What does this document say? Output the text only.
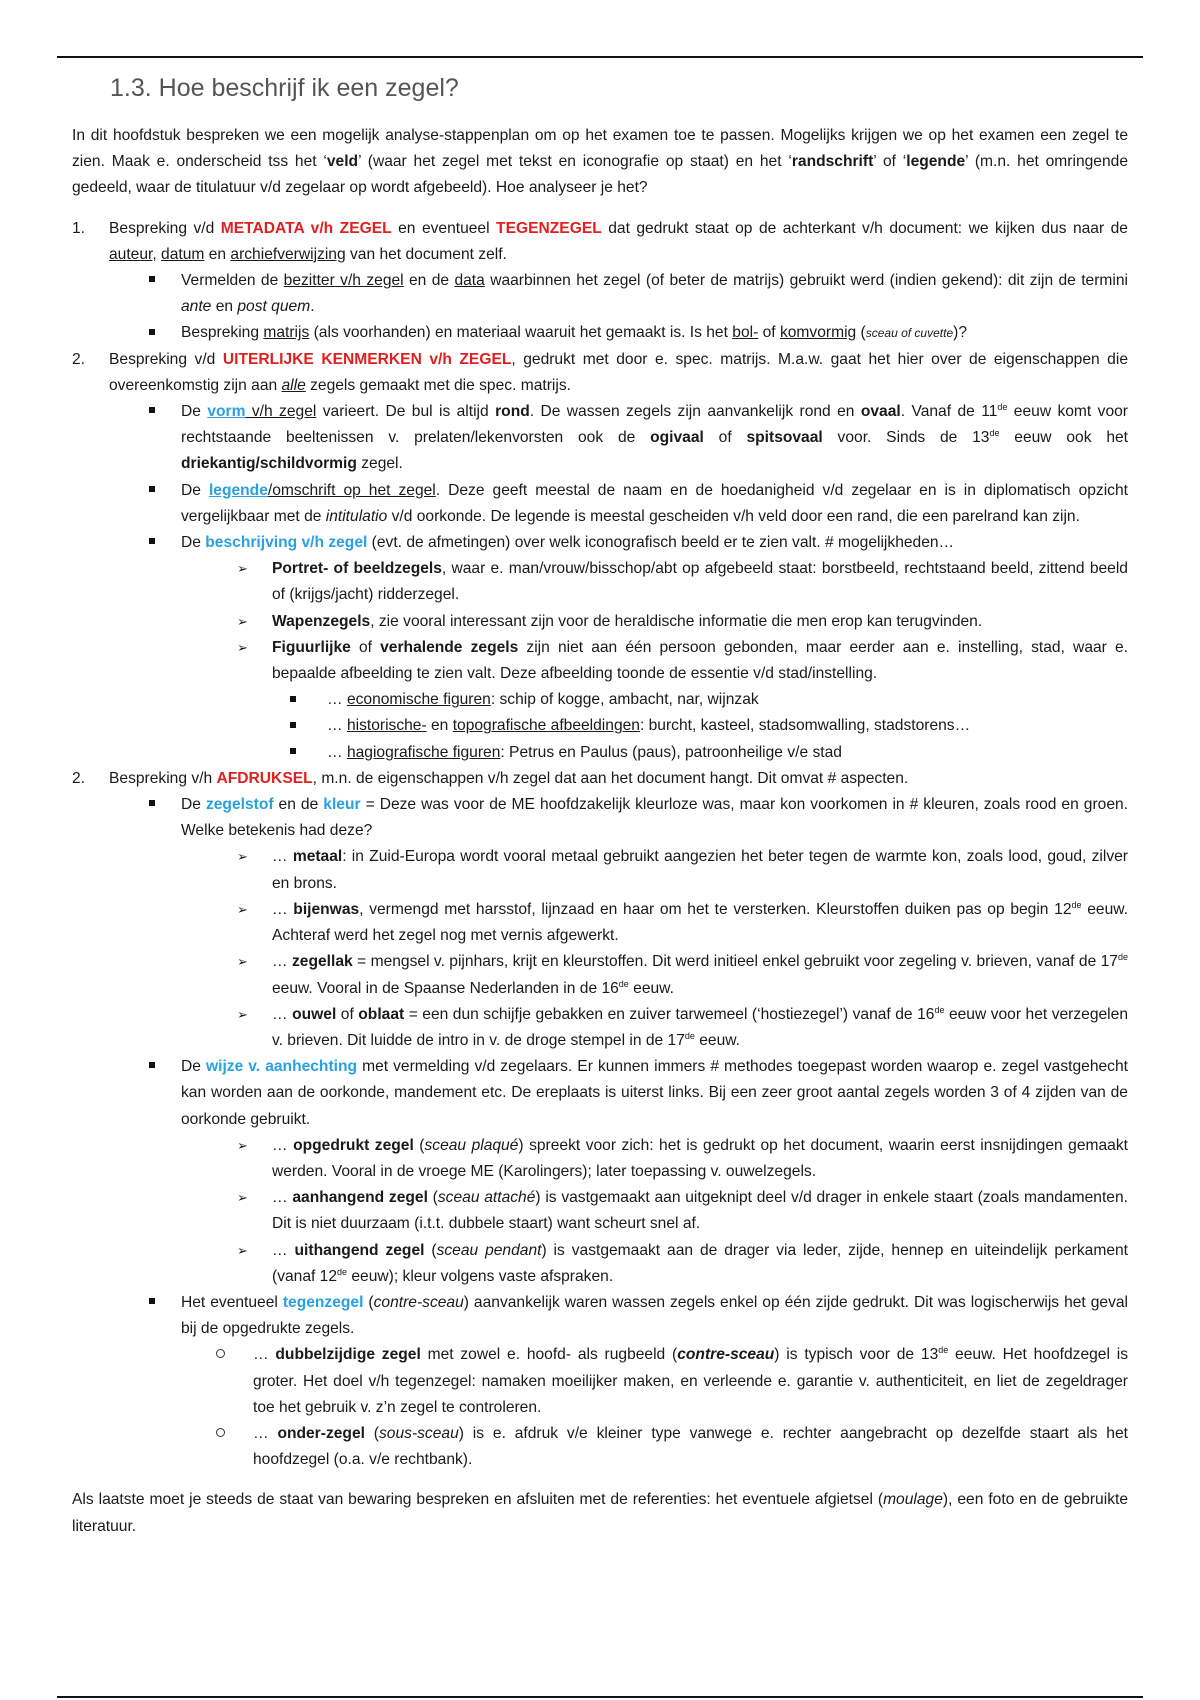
1.3. Hoe beschrijf ik een zegel?

In dit hoofdstuk bespreken we een mogelijk analyse-stappenplan om op het examen toe te passen. Mogelijks krijgen we op het examen een zegel te zien. Maak e. onderscheid tss het ‘veld’ (waar het zegel met tekst en iconografie op staat) en het ‘randschrift’ of ‘legende’ (m.n. het omringende gedeeld, waar de titulatuur v/d zegelaar op wordt afgebeeld). Hoe analyseer je het?

1. Bespreking v/d METADATA v/h ZEGEL en eventueel TEGENZEGEL dat gedrukt staat op de achterkant v/h document: we kijken dus naar de auteur, datum en archiefverwijzing van het document zelf.
Vermelden de bezitter v/h zegel en de data waarbinnen het zegel (of beter de matrijs) gebruikt werd (indien gekend): dit zijn de termini ante en post quem.
Bespreking matrijs (als voorhanden) en materiaal waaruit het gemaakt is. Is het bol- of komvormig (sceau of cuvette)?
2. Bespreking v/d UITERLIJKE KENMERKEN v/h ZEGEL, gedrukt met door e. spec. matrijs. M.a.w. gaat het hier over de eigenschappen die overeenkomstig zijn aan alle zegels gemaakt met die spec. matrijs.
De vorm v/h zegel varieert. De bul is altijd rond. De wassen zegels zijn aanvankelijk rond en ovaal. Vanaf de 11de eeuw komt voor rechtstaande beeltenissen v. prelaten/lekenvorsten ook de ogivaal of spitsovaal voor. Sinds de 13de eeuw ook het driekantig/schildvormig zegel.
De legende/omschrift op het zegel. Deze geeft meestal de naam en de hoedanigheid v/d zegelaar en is in diplomatisch opzicht vergelijkbaar met de intitulatio v/d oorkonde. De legende is meestal gescheiden v/h veld door een rand, die een parelrand kan zijn.
De beschrijving v/h zegel (evt. de afmetingen) over welk iconografisch beeld er te zien valt. # mogelijkheden…
➢ Portret- of beeldzegels, waar e. man/vrouw/bisschop/abt op afgebeeld staat: borstbeeld, rechtstaand beeld, zittend beeld of (krijgs/jacht) ridderzegel.
➢ Wapenzegels, zie vooral interessant zijn voor de heraldische informatie die men erop kan terugvinden.
➢ Figuurlijke of verhalende zegels zijn niet aan één persoon gebonden, maar eerder aan e. instelling, stad, waar e. bepaalde afbeelding te zien valt. Deze afbeelding toonde de essentie v/d stad/instelling.
… economische figuren: schip of kogge, ambacht, nar, wijnzak
… historische- en topografische afbeeldingen: burcht, kasteel, stadsomwalling, stadstorens…
… hagiografische figuren: Petrus en Paulus (paus), patroonheilige v/e stad
2. Bespreking v/h AFDRUKSEL, m.n. de eigenschappen v/h zegel dat aan het document hangt. Dit omvat # aspecten.
De zegelstof en de kleur = Deze was voor de ME hoofdzakelijk kleurloze was, maar kon voorkomen in # kleuren, zoals rood en groen. Welke betekenis had deze?
➢ … metaal: in Zuid-Europa wordt vooral metaal gebruikt aangezien het beter tegen de warmte kon, zoals lood, goud, zilver en brons.
➢ … bijenwas, vermengd met harsstof, lijnzaad en haar om het te versterken. Kleurstoffen duiken pas op begin 12de eeuw. Achteraf werd het zegel nog met vernis afgewerkt.
➢ … zegellak = mengsel v. pijnhars, krijt en kleurstoffen. Dit werd initieel enkel gebruikt voor zegeling v. brieven, vanaf de 17de eeuw. Vooral in de Spaanse Nederlanden in de 16de eeuw.
➢ … ouwel of oblaat = een dun schijfje gebakken en zuiver tarwemeel (‘hostiezegel’) vanaf de 16de eeuw voor het verzegelen v. brieven. Dit luidde de intro in v. de droge stempel in de 17de eeuw.
De wijze v. aanhechting met vermelding v/d zegelaars. Er kunnen immers # methodes toegepast worden waarop e. zegel vastgehecht kan worden aan de oorkonde, mandement etc. De ereplaats is uiterst links. Bij een zeer groot aantal zegels worden 3 of 4 zijden van de oorkonde gebruikt.
➢ … opgedrukt zegel (sceau plaqué) spreekt voor zich: het is gedrukt op het document, waarin eerst insnijdingen gemaakt werden. Vooral in de vroege ME (Karolingers); later toepassing v. ouwelzegels.
➢ … aanhangend zegel (sceau attaché) is vastgemaakt aan uitgeknipt deel v/d drager in enkele staart (zoals mandamenten. Dit is niet duurzaam (i.t.t. dubbele staart) want scheurt snel af.
➢ … uithangend zegel (sceau pendant) is vastgemaakt aan de drager via leder, zijde, hennep en uiteindelijk perkament (vanaf 12de eeuw); kleur volgens vaste afspraken.
Het eventueel tegenzegel (contre-sceau) aanvankelijk waren wassen zegels enkel op één zijde gedrukt. Dit was logischerwijs het geval bij de opgedrukte zegels.
… dubbelzijdige zegel met zowel e. hoofd- als rugbeeld (contre-sceau) is typisch voor de 13de eeuw. Het hoofdzegel is groter. Het doel v/h tegenzegel: namaken moeilijker maken, en verleende e. garantie v. authenticiteit, en liet de zegeldrager toe het gebruik v. z’n zegel te controleren.
… onder-zegel (sous-sceau) is e. afdruk v/e kleiner type vanwege e. rechter aangebracht op dezelfde staart als het hoofdzegel (o.a. v/e rechtbank).

Als laatste moet je steeds de staat van bewaring bespreken en afsluiten met de referenties: het eventuele afgietsel (moulage), een foto en de gebruikte literatuur.
